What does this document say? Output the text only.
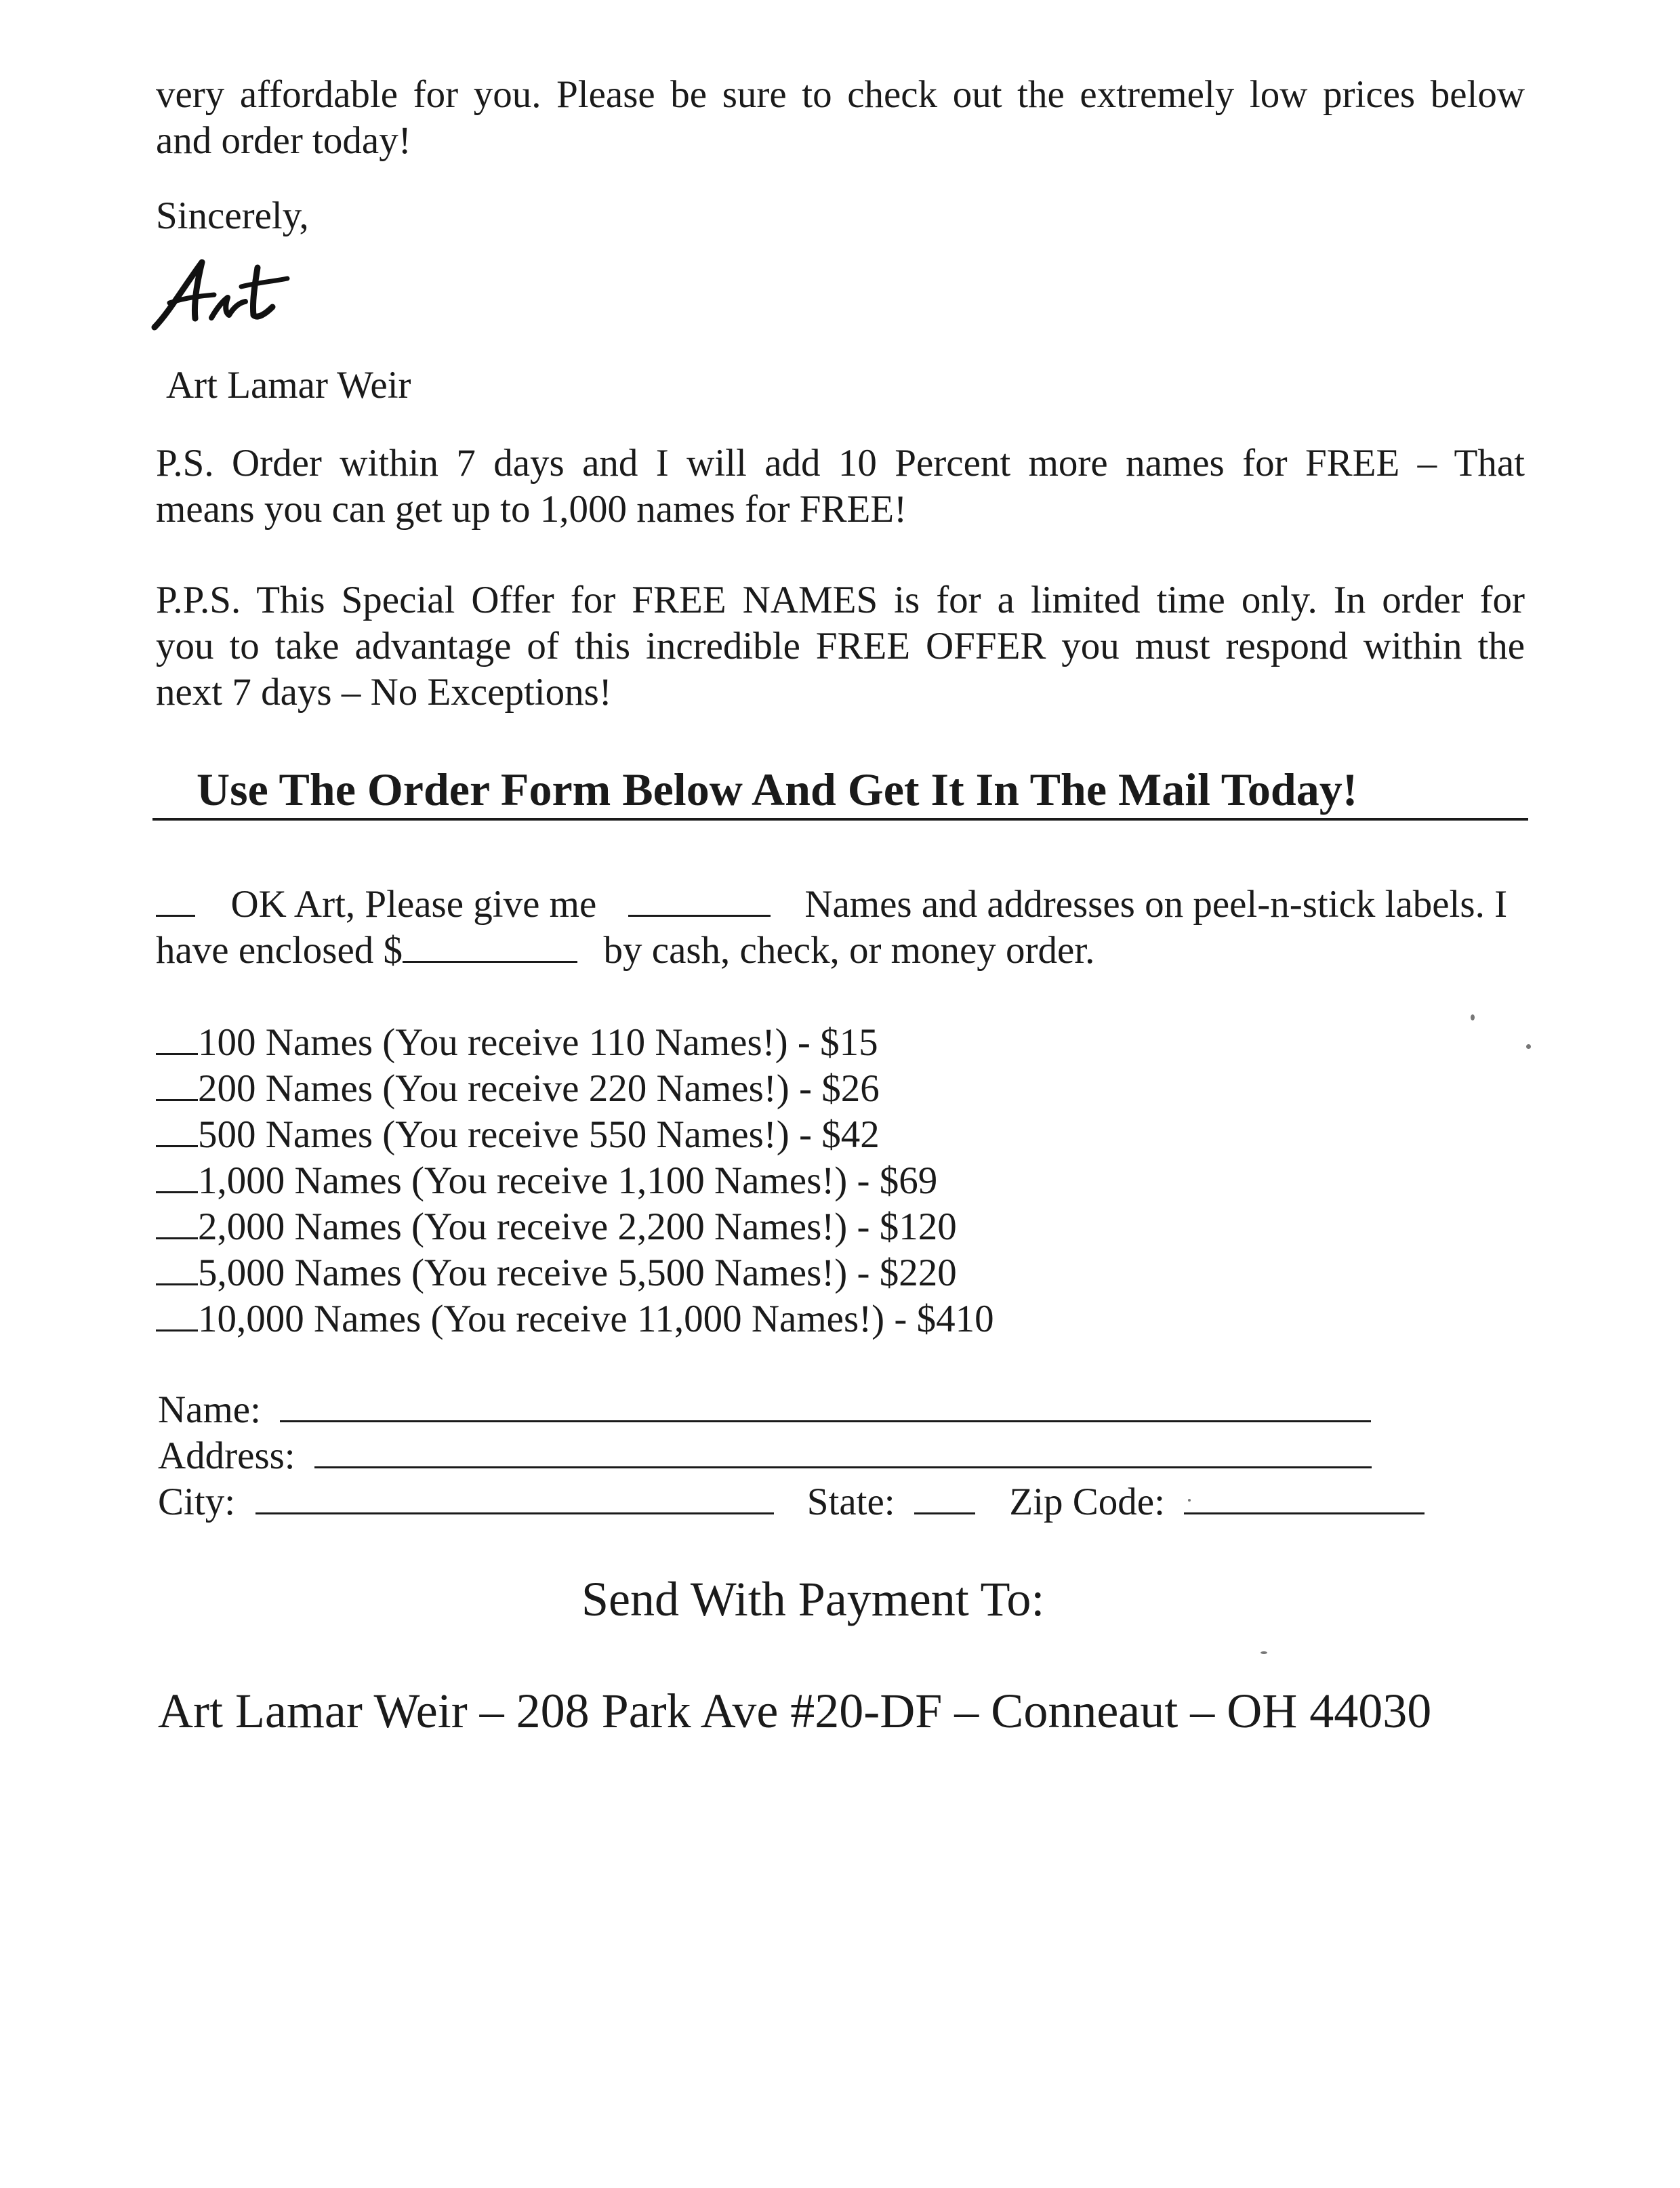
very affordable for you. Please be sure to check out the extremely low prices below
and order today!
Sincerely,
Art Lamar Weir
P.S. Order within 7 days and I will add 10 Percent more names for FREE – That
means you can get up to 1,000 names for FREE!
P.P.S. This Special Offer for FREE NAMES is for a limited time only. In order for
you to take advantage of this incredible FREE OFFER you must respond within the
next 7 days – No Exceptions!
Use The Order Form Below And Get It In The Mail Today!
OK Art, Please give me	Names and addresses on peel-n-stick labels. I
have enclosed $	by cash, check, or money order.
100 Names (You receive 110 Names!) - $15
200 Names (You receive 220 Names!) - $26
500 Names (You receive 550 Names!) - $42
1,000 Names (You receive 1,100 Names!) - $69
2,000 Names (You receive 2,200 Names!) - $120
5,000 Names (You receive 5,500 Names!) - $220
10,000 Names (You receive 11,000 Names!) - $410
Name:
Address:
City:	State:	Zip Code:
Send With Payment To:
Art Lamar Weir – 208 Park Ave #20-DF – Conneaut – OH 44030
